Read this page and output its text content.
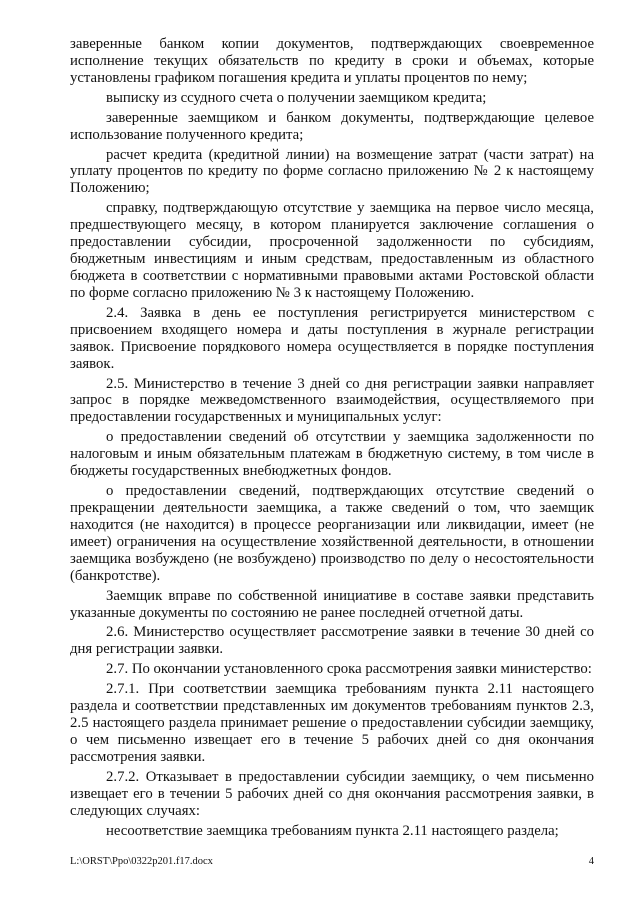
заверенные банком копии документов, подтверждающих своевременное исполнение текущих обязательств по кредиту в сроки и объемах, которые установлены графиком погашения кредита и уплаты процентов по нему;

выписку из ссудного счета о получении заемщиком кредита;

заверенные заемщиком и банком документы, подтверждающие целевое использование полученного кредита;

расчет кредита (кредитной линии) на возмещение затрат (части затрат) на уплату процентов по кредиту по форме согласно приложению № 2 к настоящему Положению;

справку, подтверждающую отсутствие у заемщика на первое число месяца, предшествующего месяцу, в котором планируется заключение соглашения о предоставлении субсидии, просроченной задолженности по субсидиям, бюджетным инвестициям и иным средствам, предоставленным из областного бюджета в соответствии с нормативными правовыми актами Ростовской области по форме согласно приложению № 3 к настоящему Положению.

2.4. Заявка в день ее поступления регистрируется министерством с присвоением входящего номера и даты поступления в журнале регистрации заявок. Присвоение порядкового номера осуществляется в порядке поступления заявок.

2.5. Министерство в течение 3 дней со дня регистрации заявки направляет запрос в порядке межведомственного взаимодействия, осуществляемого при предоставлении государственных и муниципальных услуг:

о предоставлении сведений об отсутствии у заемщика задолженности по налоговым и иным обязательным платежам в бюджетную систему, в том числе в бюджеты государственных внебюджетных фондов.

о предоставлении сведений, подтверждающих отсутствие сведений о прекращении деятельности заемщика, а также сведений о том, что заемщик находится (не находится) в процессе реорганизации или ликвидации, имеет (не имеет) ограничения на осуществление хозяйственной деятельности, в отношении заемщика возбуждено (не возбуждено) производство по делу о несостоятельности (банкротстве).

Заемщик вправе по собственной инициативе в составе заявки представить указанные документы по состоянию не ранее последней отчетной даты.

2.6. Министерство осуществляет рассмотрение заявки в течение 30 дней со дня регистрации заявки.

2.7. По окончании установленного срока рассмотрения заявки министерство:

2.7.1. При соответствии заемщика требованиям пункта 2.11 настоящего раздела и соответствии представленных им документов требованиям пунктов 2.3, 2.5 настоящего раздела принимает решение о предоставлении субсидии заемщику, о чем письменно извещает его в течение 5 рабочих дней со дня окончания рассмотрения заявки.

2.7.2. Отказывает в предоставлении субсидии заемщику, о чем письменно извещает его в течении 5 рабочих дней со дня окончания рассмотрения заявки, в следующих случаях:

несоответствие заемщика требованиям пункта 2.11 настоящего раздела;

L:\ORST\Ppo\0322p201.f17.docx	4
